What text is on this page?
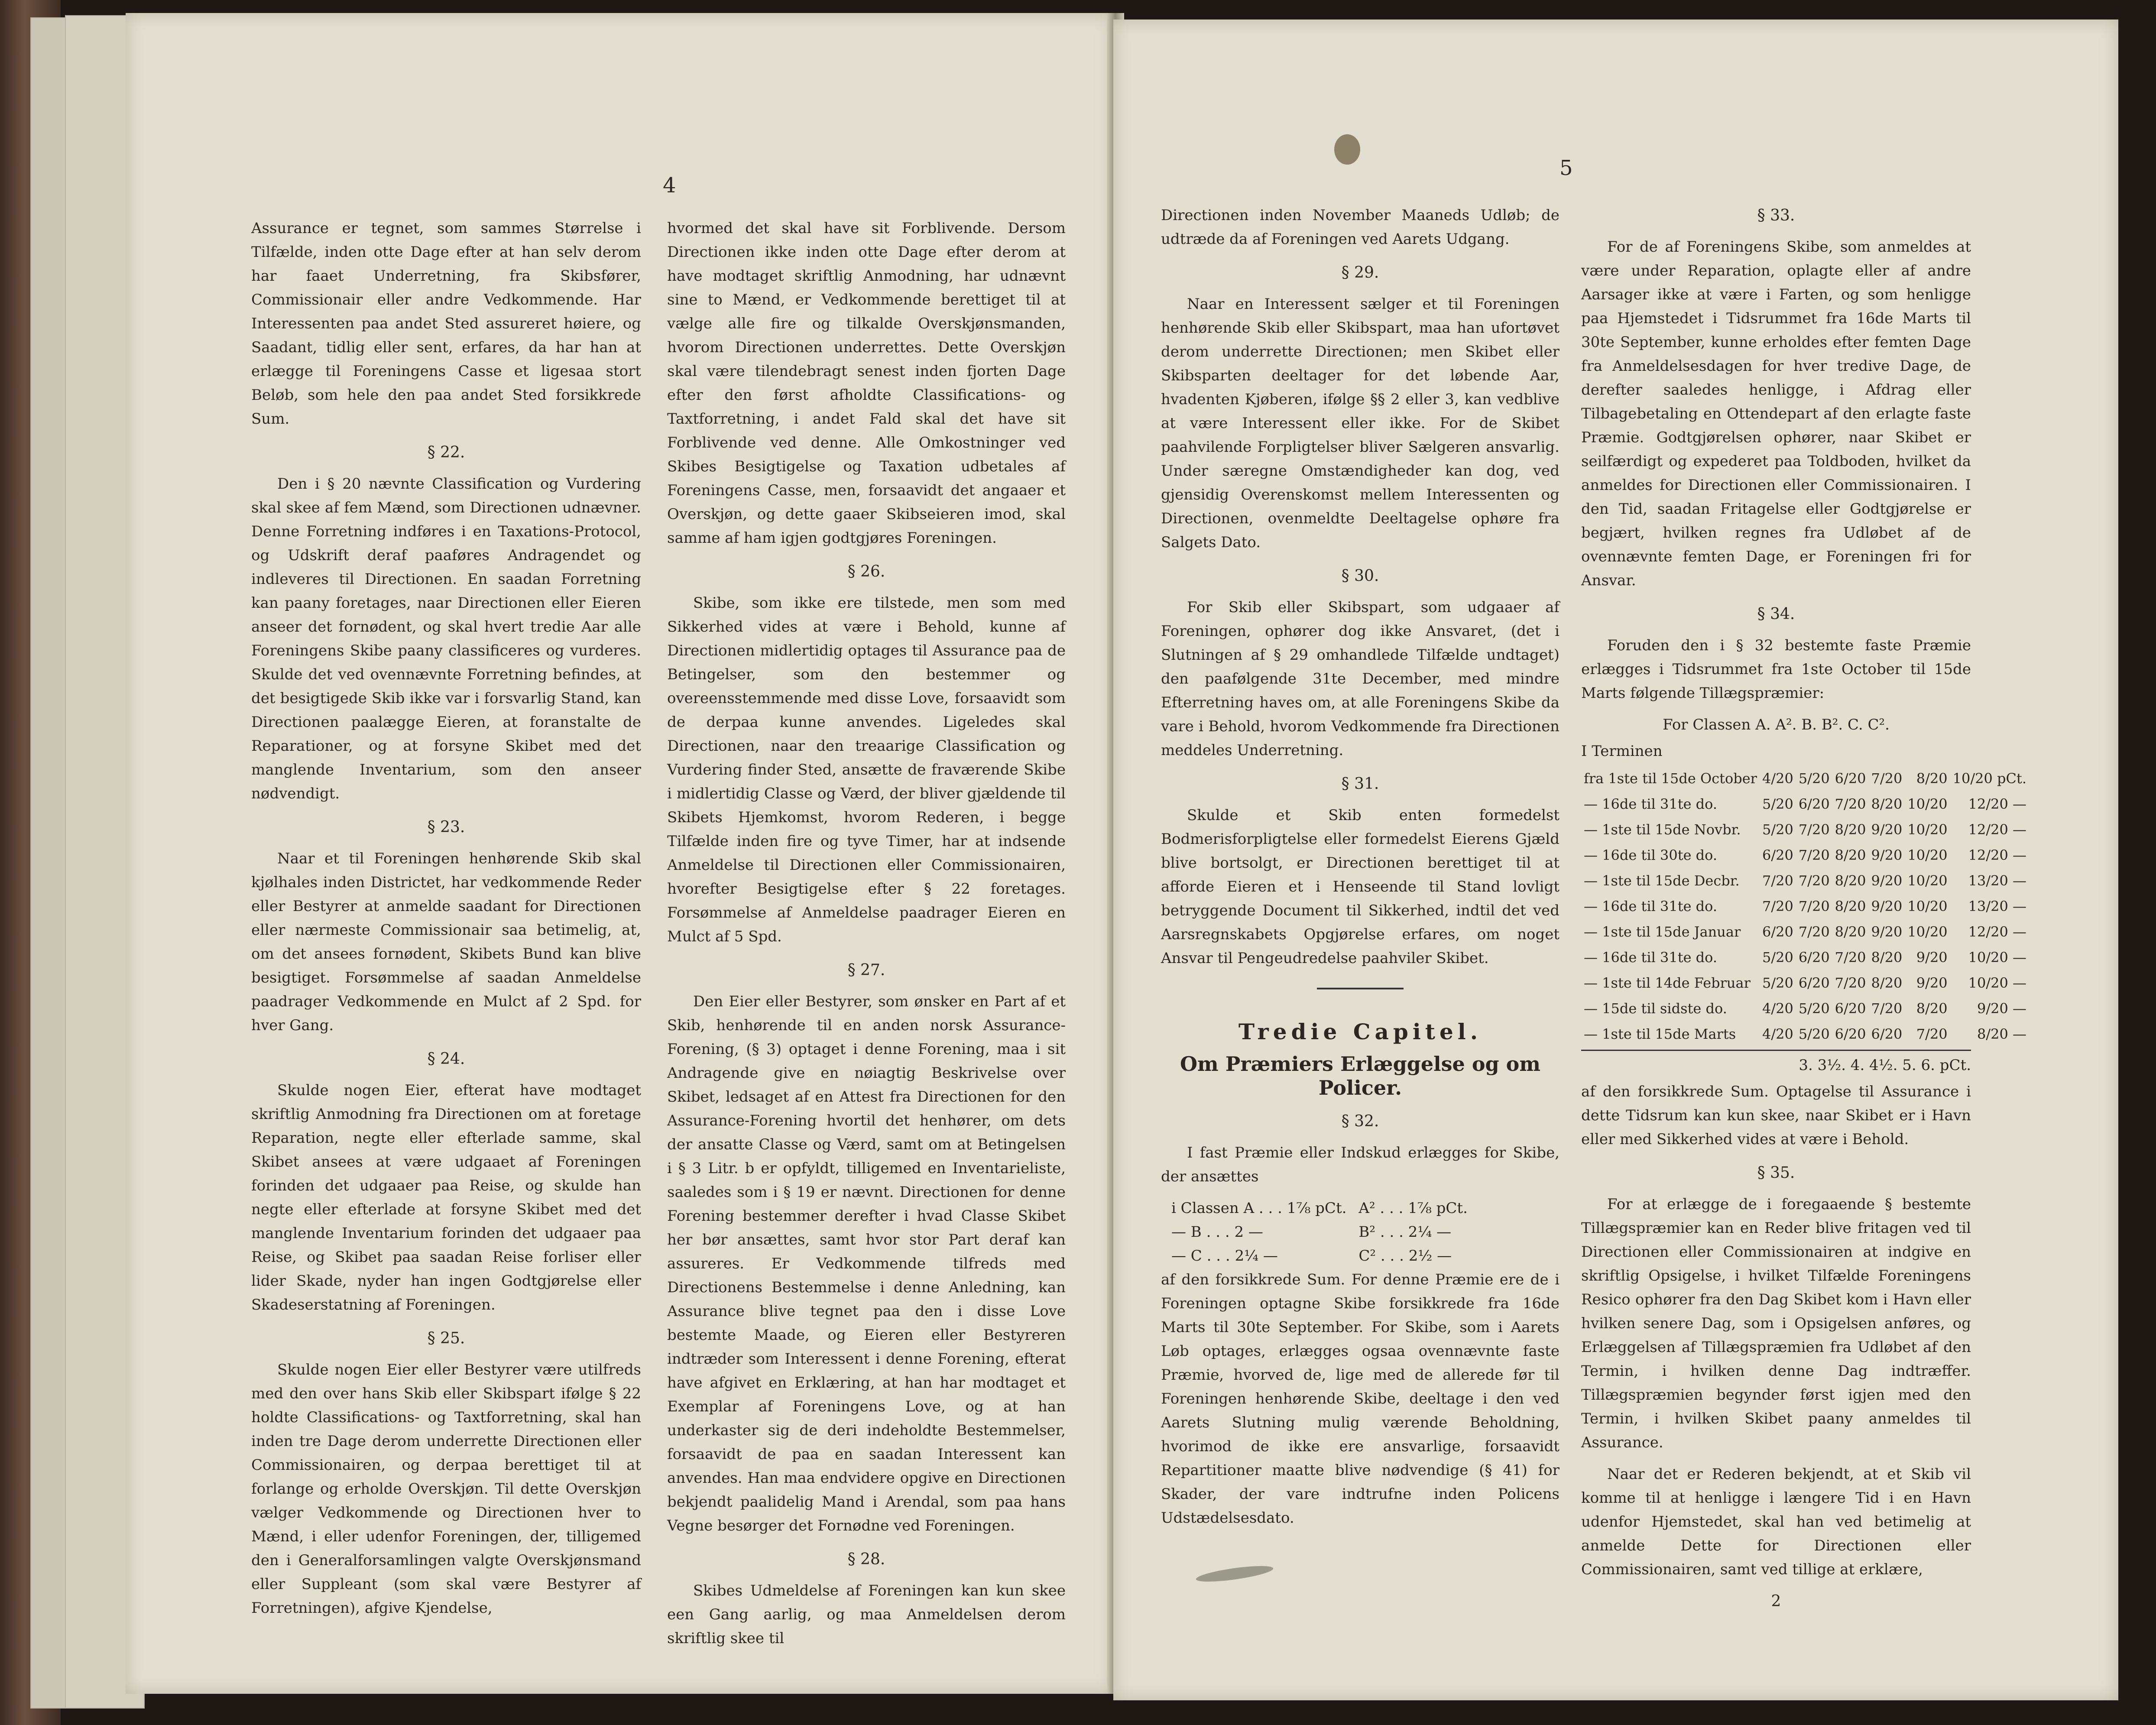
4

Assurance er tegnet, som sammes Størrelse i Tilfælde, inden otte Dage efter at han selv derom har faaet Underretning, fra Skibsfører, Commissionair eller andre Vedkommende. Har Interessenten paa andet Sted assureret høiere, og Saadant, tidlig eller sent, erfares, da har han at erlægge til Foreningens Casse et ligesaa stort Beløb, som hele den paa andet Sted forsikkrede Sum.

§ 22.

Den i § 20 nævnte Classification og Vurdering skal skee af fem Mænd, som Directionen udnævner. Denne Forretning indføres i en Taxations-Protocol, og Udskrift deraf paaføres Andragendet og indleveres til Directionen. En saadan Forretning kan paany foretages, naar Directionen eller Eieren anseer det fornødent, og skal hvert tredie Aar alle Foreningens Skibe paany classificeres og vurderes. Skulde det ved ovennævnte Forretning befindes, at det besigtigede Skib ikke var i forsvarlig Stand, kan Directionen paalægge Eieren, at foranstalte de Reparationer, og at forsyne Skibet med det manglende Inventarium, som den anseer nødvendigt.

§ 23.

Naar et til Foreningen henhørende Skib skal kjølhales inden Districtet, har vedkommende Reder eller Bestyrer at anmelde saadant for Directionen eller nærmeste Commissionair saa betimelig, at, om det ansees fornødent, Skibets Bund kan blive besigtiget. Forsømmelse af saadan Anmeldelse paadrager Vedkommende en Mulct af 2 Spd. for hver Gang.

§ 24.

Skulde nogen Eier, efterat have modtaget skriftlig Anmodning fra Directionen om at foretage Reparation, negte eller efterlade samme, skal Skibet ansees at være udgaaet af Foreningen forinden det udgaaer paa Reise, og skulde han negte eller efterlade at forsyne Skibet med det manglende Inventarium forinden det udgaaer paa Reise, og Skibet paa saadan Reise forliser eller lider Skade, nyder han ingen Godtgjørelse eller Skadeserstatning af Foreningen.

§ 25.

Skulde nogen Eier eller Bestyrer være utilfreds med den over hans Skib eller Skibspart ifølge § 22 holdte Classifications- og Taxtforretning, skal han inden tre Dage derom underrette Directionen eller Commissionairen, og derpaa berettiget til at forlange og erholde Overskjøn. Til dette Overskjøn vælger Vedkommende og Directionen hver to Mænd, i eller udenfor Foreningen, der, tilligemed den i Generalforsamlingen valgte Overskjønsmand eller Suppleant (som skal være Bestyrer af Forretningen), afgive Kjendelse,

hvormed det skal have sit Forblivende. Dersom Directionen ikke inden otte Dage efter derom at have modtaget skriftlig Anmodning, har udnævnt sine to Mænd, er Vedkommende berettiget til at vælge alle fire og tilkalde Overskjønsmanden, hvorom Directionen underrettes. Dette Overskjøn skal være tilendebragt senest inden fjorten Dage efter den først afholdte Classifications- og Taxtforretning, i andet Fald skal det have sit Forblivende ved denne. Alle Omkostninger ved Skibes Besigtigelse og Taxation udbetales af Foreningens Casse, men, forsaavidt det angaaer et Overskjøn, og dette gaaer Skibseieren imod, skal samme af ham igjen godtgjøres Foreningen.

§ 26.

Skibe, som ikke ere tilstede, men som med Sikkerhed vides at være i Behold, kunne af Directionen midlertidig optages til Assurance paa de Betingelser, som den bestemmer og overeensstemmende med disse Love, forsaavidt som de derpaa kunne anvendes. Ligeledes skal Directionen, naar den treaarige Classification og Vurdering finder Sted, ansætte de fraværende Skibe i midlertidig Classe og Værd, der bliver gjældende til Skibets Hjemkomst, hvorom Rederen, i begge Tilfælde inden fire og tyve Timer, har at indsende Anmeldelse til Directionen eller Commissionairen, hvorefter Besigtigelse efter § 22 foretages. Forsømmelse af Anmeldelse paadrager Eieren en Mulct af 5 Spd.

§ 27.

Den Eier eller Bestyrer, som ønsker en Part af et Skib, henhørende til en anden norsk Assurance-Forening, (§ 3) optaget i denne Forening, maa i sit Andragende give en nøiagtig Beskrivelse over Skibet, ledsaget af en Attest fra Directionen for den Assurance-Forening hvortil det henhører, om dets der ansatte Classe og Værd, samt om at Betingelsen i § 3 Litr. b er opfyldt, tilligemed en Inventarieliste, saaledes som i § 19 er nævnt. Directionen for denne Forening bestemmer derefter i hvad Classe Skibet her bør ansættes, samt hvor stor Part deraf kan assureres. Er Vedkommende tilfreds med Directionens Bestemmelse i denne Anledning, kan Assurance blive tegnet paa den i disse Love bestemte Maade, og Eieren eller Bestyreren indtræder som Interessent i denne Forening, efterat have afgivet en Erklæring, at han har modtaget et Exemplar af Foreningens Love, og at han underkaster sig de deri indeholdte Bestemmelser, forsaavidt de paa en saadan Interessent kan anvendes. Han maa endvidere opgive en Directionen bekjendt paalidelig Mand i Arendal, som paa hans Vegne besørger det Fornødne ved Foreningen.

§ 28.

Skibes Udmeldelse af Foreningen kan kun skee een Gang aarlig, og maa Anmeldelsen derom skriftlig skee til

5

Directionen inden November Maaneds Udløb; de udtræde da af Foreningen ved Aarets Udgang.

§ 29.

Naar en Interessent sælger et til Foreningen henhørende Skib eller Skibspart, maa han ufortøvet derom underrette Directionen; men Skibet eller Skibsparten deeltager for det løbende Aar, hvadenten Kjøberen, ifølge §§ 2 eller 3, kan vedblive at være Interessent eller ikke. For de Skibet paahvilende Forpligtelser bliver Sælgeren ansvarlig. Under særegne Omstændigheder kan dog, ved gjensidig Overenskomst mellem Interessenten og Directionen, ovenmeldte Deeltagelse ophøre fra Salgets Dato.

§ 30.

For Skib eller Skibspart, som udgaaer af Foreningen, ophører dog ikke Ansvaret, (det i Slutningen af § 29 omhandlede Tilfælde undtaget) den paafølgende 31te December, med mindre Efterretning haves om, at alle Foreningens Skibe da vare i Behold, hvorom Vedkommende fra Directionen meddeles Underretning.

§ 31.

Skulde et Skib enten formedelst Bodmerisforpligtelse eller formedelst Eierens Gjæld blive bortsolgt, er Directionen berettiget til at afforde Eieren et i Henseende til Stand lovligt betryggende Document til Sikkerhed, indtil det ved Aarsregnskabets Opgjørelse erfares, om noget Ansvar til Pengeudredelse paahviler Skibet.

Tredie Capitel.
Om Præmiers Erlæggelse og om Policer.
§ 32.

I fast Præmie eller Indskud erlægges for Skibe, der ansættes

i Classen A . . . 1⅞ pCt.	A² . . . 1⅞ pCt.
— B . . . 2 —	B² . . . 2¼ —
— C . . . 2¼ —	C² . . . 2½ —

af den forsikkrede Sum. For denne Præmie ere de i Foreningen optagne Skibe forsikkrede fra 16de Marts til 30te September. For Skibe, som i Aarets Løb optages, erlægges ogsaa ovennævnte faste Præmie, hvorved de, lige med de allerede før til Foreningen henhørende Skibe, deeltage i den ved Aarets Slutning mulig værende Beholdning, hvorimod de ikke ere ansvarlige, forsaavidt Repartitioner maatte blive nødvendige (§ 41) for Skader, der vare indtrufne inden Policens Udstædelsesdato.

§ 33.

For de af Foreningens Skibe, som anmeldes at være under Reparation, oplagte eller af andre Aarsager ikke at være i Farten, og som henligge paa Hjemstedet i Tidsrummet fra 16de Marts til 30te September, kunne erholdes efter femten Dage fra Anmeldelsesdagen for hver tredive Dage, de derefter saaledes henligge, i Afdrag eller Tilbagebetaling en Ottendepart af den erlagte faste Præmie. Godtgjørelsen ophører, naar Skibet er seilfærdigt og expederet paa Toldboden, hvilket da anmeldes for Directionen eller Commissionairen. I den Tid, saadan Fritagelse eller Godtgjørelse er begjært, hvilken regnes fra Udløbet af de ovennævnte femten Dage, er Foreningen fri for Ansvar.

§ 34.

Foruden den i § 32 bestemte faste Præmie erlægges i Tidsrummet fra 1ste October til 15de Marts følgende Tillægspræmier:

For Classen A. A². B. B². C. C².
I Terminen
fra 1ste til 15de October	4/20	5/20	6/20	7/20	8/20	10/20 pCt.
— 16de til 31te do.	5/20	6/20	7/20	8/20	10/20	12/20 —
— 1ste til 15de Novbr.	5/20	7/20	8/20	9/20	10/20	12/20 —
— 16de til 30te do.	6/20	7/20	8/20	9/20	10/20	12/20 —
— 1ste til 15de Decbr.	7/20	7/20	8/20	9/20	10/20	13/20 —
— 16de til 31te do.	7/20	7/20	8/20	9/20	10/20	13/20 —
— 1ste til 15de Januar	6/20	7/20	8/20	9/20	10/20	12/20 —
— 16de til 31te do.	5/20	6/20	7/20	8/20	9/20	10/20 —
— 1ste til 14de Februar	5/20	6/20	7/20	8/20	9/20	10/20 —
— 15de til sidste do.	4/20	5/20	6/20	7/20	8/20	9/20 —
— 1ste til 15de Marts	4/20	5/20	6/20	6/20	7/20	8/20 —
3. 3½. 4. 4½. 5. 6. pCt.

af den forsikkrede Sum. Optagelse til Assurance i dette Tidsrum kan kun skee, naar Skibet er i Havn eller med Sikkerhed vides at være i Behold.

§ 35.

For at erlægge de i foregaaende § bestemte Tillægspræmier kan en Reder blive fritagen ved til Directionen eller Commissionairen at indgive en skriftlig Opsigelse, i hvilket Tilfælde Foreningens Resico ophører fra den Dag Skibet kom i Havn eller hvilken senere Dag, som i Opsigelsen anføres, og Erlæggelsen af Tillægspræmien fra Udløbet af den Termin, i hvilken denne Dag indtræffer. Tillægspræmien begynder først igjen med den Termin, i hvilken Skibet paany anmeldes til Assurance.

Naar det er Rederen bekjendt, at et Skib vil komme til at henligge i længere Tid i en Havn udenfor Hjemstedet, skal han ved betimelig at anmelde Dette for Directionen eller Commissionairen, samt ved tillige at erklære,

2
